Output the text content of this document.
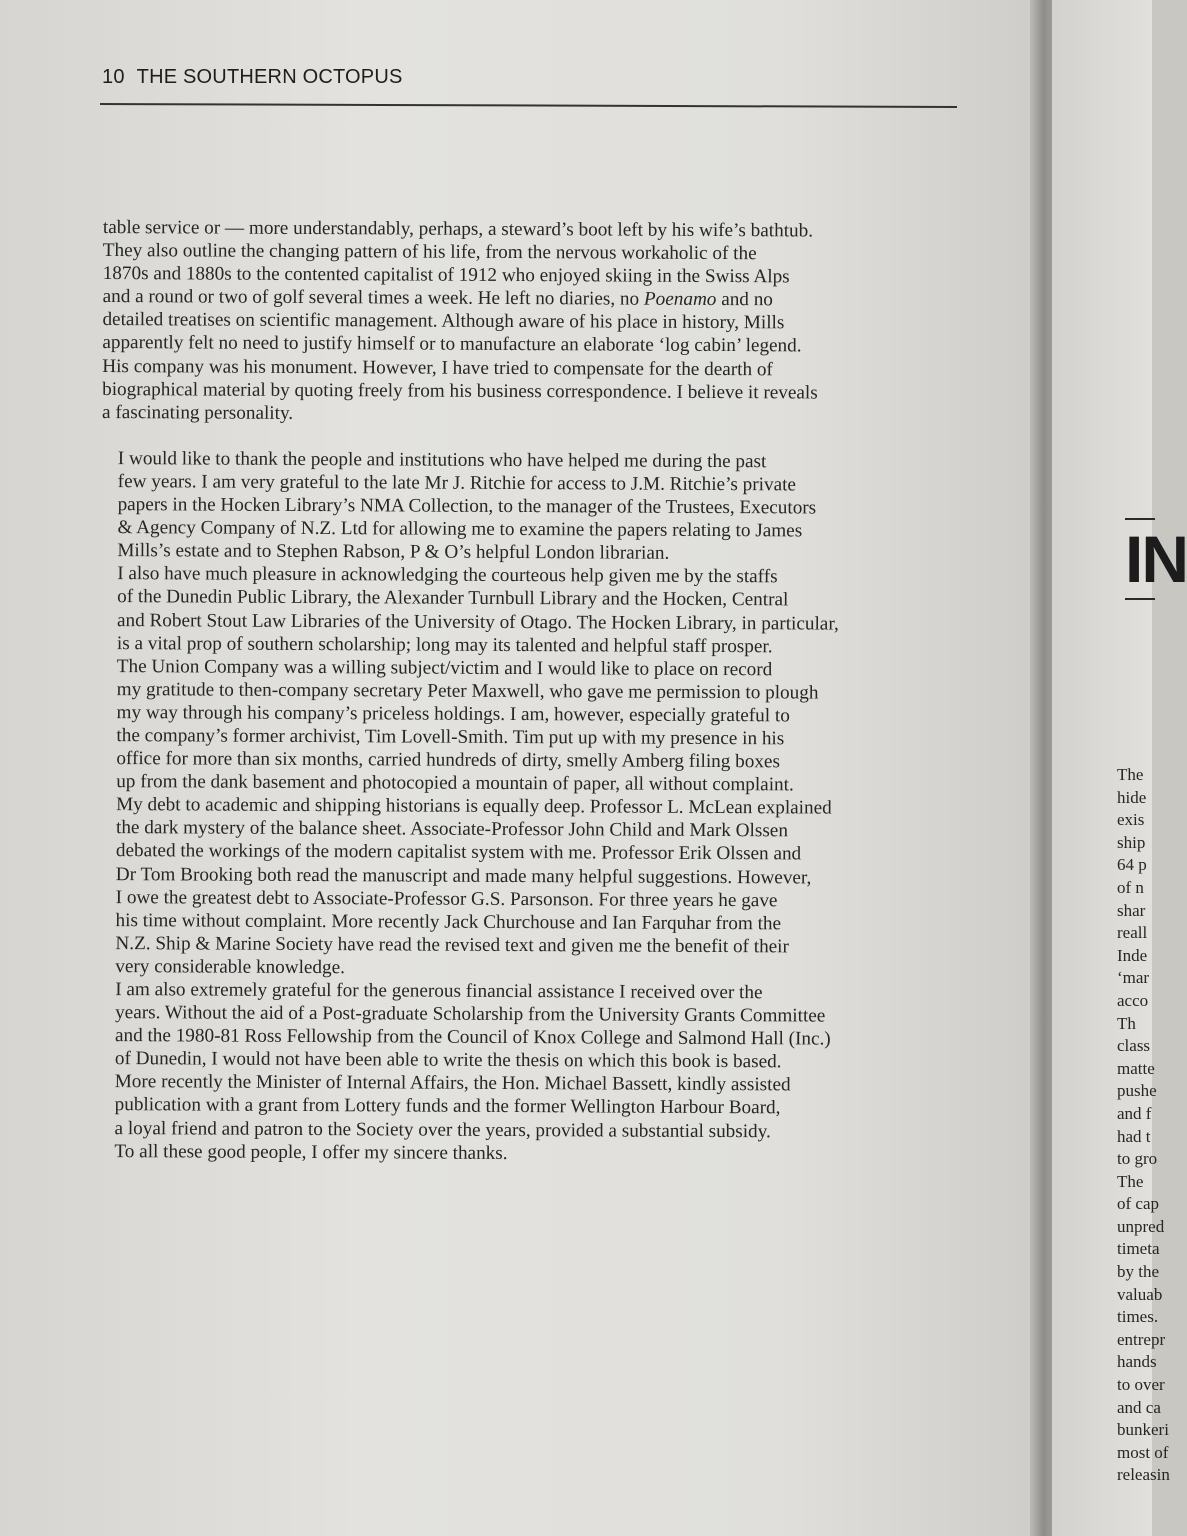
10 THE SOUTHERN OCTOPUS
table service or — more understandably, perhaps, a steward’s boot left by his wife’s bathtub.
They also outline the changing pattern of his life, from the nervous workaholic of the
1870s and 1880s to the contented capitalist of 1912 who enjoyed skiing in the Swiss Alps
and a round or two of golf several times a week. He left no diaries, no Poenamo and no
detailed treatises on scientific management. Although aware of his place in history, Mills
apparently felt no need to justify himself or to manufacture an elaborate ‘log cabin’ legend.
His company was his monument. However, I have tried to compensate for the dearth of
biographical material by quoting freely from his business correspondence. I believe it reveals
a fascinating personality.
I would like to thank the people and institutions who have helped me during the past
few years. I am very grateful to the late Mr J. Ritchie for access to J.M. Ritchie’s private
papers in the Hocken Library’s NMA Collection, to the manager of the Trustees, Executors
& Agency Company of N.Z. Ltd for allowing me to examine the papers relating to James
Mills’s estate and to Stephen Rabson, P & O’s helpful London librarian.
I also have much pleasure in acknowledging the courteous help given me by the staffs
of the Dunedin Public Library, the Alexander Turnbull Library and the Hocken, Central
and Robert Stout Law Libraries of the University of Otago. The Hocken Library, in particular,
is a vital prop of southern scholarship; long may its talented and helpful staff prosper.
The Union Company was a willing subject/victim and I would like to place on record
my gratitude to then-company secretary Peter Maxwell, who gave me permission to plough
my way through his company’s priceless holdings. I am, however, especially grateful to
the company’s former archivist, Tim Lovell-Smith. Tim put up with my presence in his
office for more than six months, carried hundreds of dirty, smelly Amberg filing boxes
up from the dank basement and photocopied a mountain of paper, all without complaint.
My debt to academic and shipping historians is equally deep. Professor L. McLean explained
the dark mystery of the balance sheet. Associate-Professor John Child and Mark Olssen
debated the workings of the modern capitalist system with me. Professor Erik Olssen and
Dr Tom Brooking both read the manuscript and made many helpful suggestions. However,
I owe the greatest debt to Associate-Professor G.S. Parsonson. For three years he gave
his time without complaint. More recently Jack Churchouse and Ian Farquhar from the
N.Z. Ship & Marine Society have read the revised text and given me the benefit of their
very considerable knowledge.
I am also extremely grateful for the generous financial assistance I received over the
years. Without the aid of a Post-graduate Scholarship from the University Grants Committee
and the 1980-81 Ross Fellowship from the Council of Knox College and Salmond Hall (Inc.)
of Dunedin, I would not have been able to write the thesis on which this book is based.
More recently the Minister of Internal Affairs, the Hon. Michael Bassett, kindly assisted
publication with a grant from Lottery funds and the former Wellington Harbour Board,
a loyal friend and patron to the Society over the years, provided a substantial subsidy.
To all these good people, I offer my sincere thanks.
IN
The
hide
exis
ship
64 p
of n
shar
reall
Inde
‘mar
acco
Th
class
matte
pushe
and f
had t
to gro
The
of cap
unpred
timeta
by the
valuab
times.
entrepr
hands
to over
and ca
bunkeri
most of
releasin
